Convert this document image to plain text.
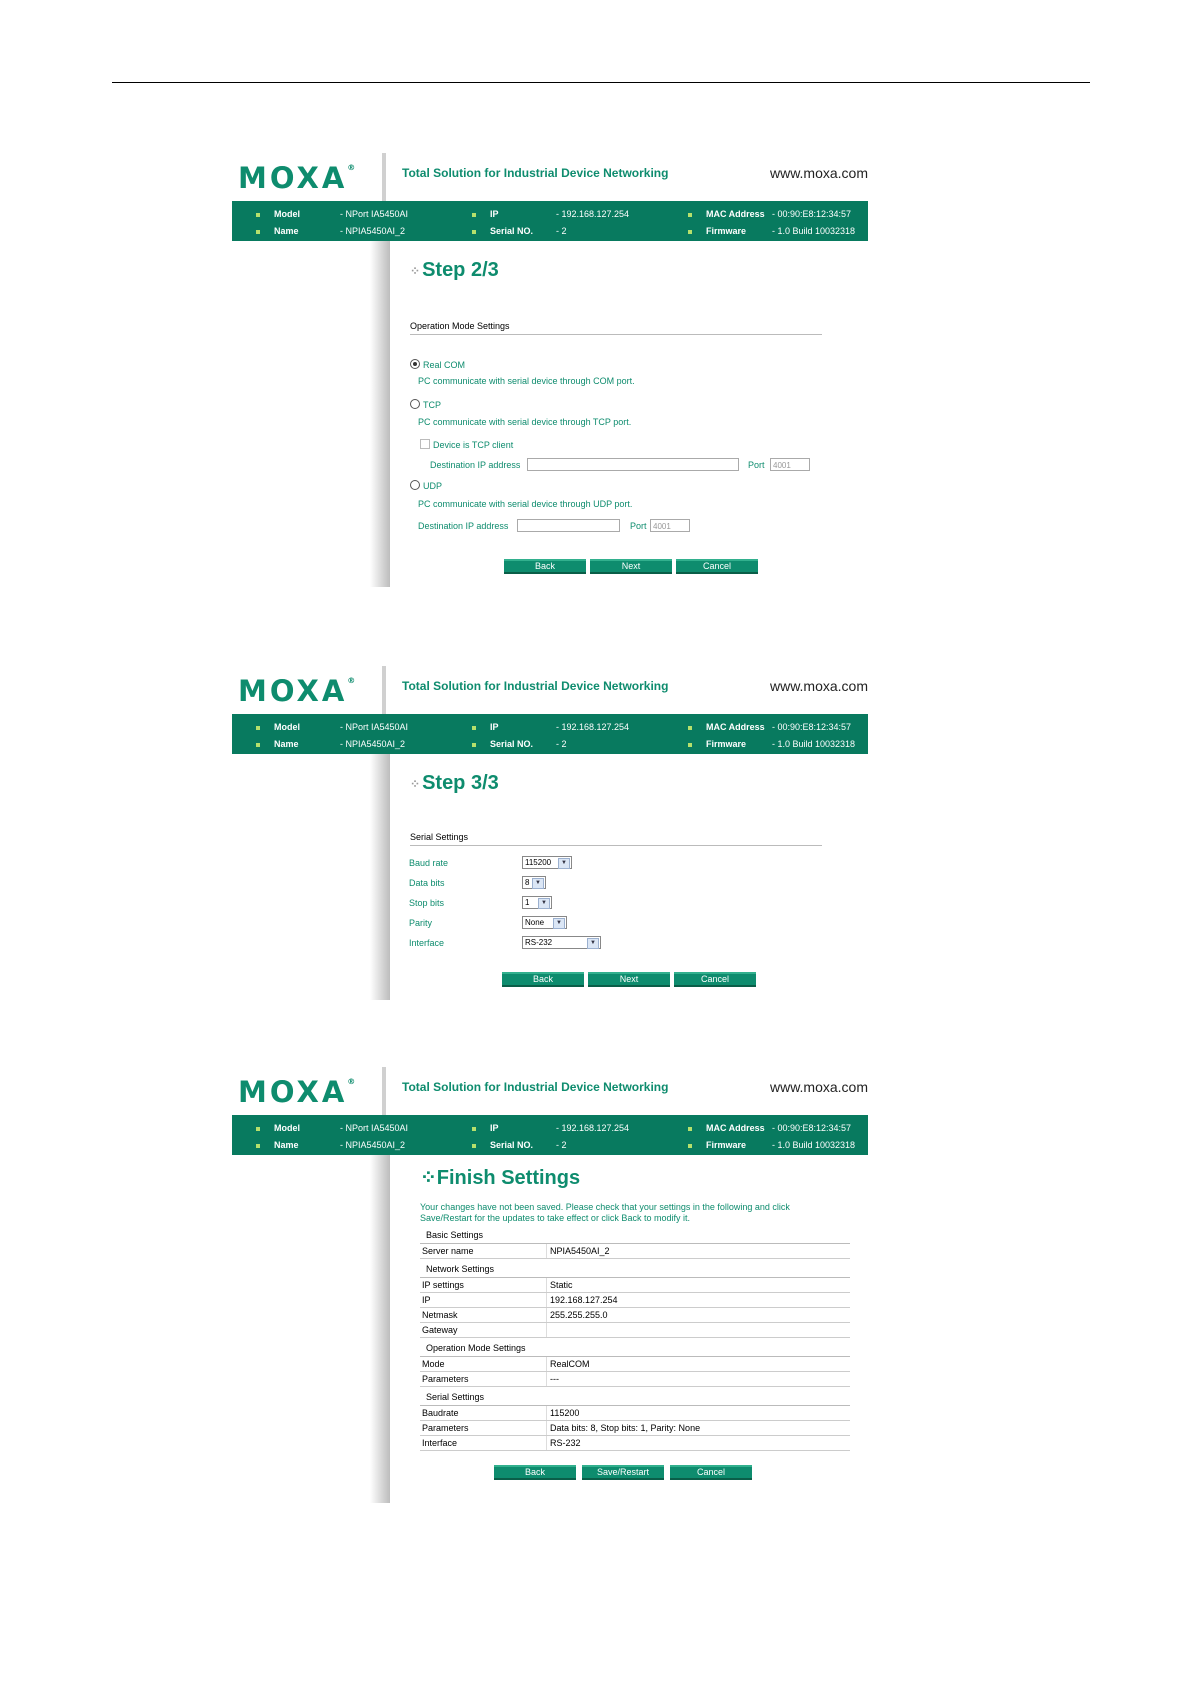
MOXA®	Total Solution for Industrial Device Networking	www.moxa.com
Model	- NPort IA5450AI
Name	- NPIA5450AI_2
IP	- 192.168.127.254
Serial NO.	- 2
MAC Address - 00:90:E8:12:34:57
Firmware	- 1.0 Build 10032318
⁘ Step 2/3
Operation Mode Settings
Real COM
PC communicate with serial device through COM port.
TCP
PC communicate with serial device through TCP port.
Device is TCP client
Destination IP address	Port	4001
UDP
PC communicate with serial device through UDP port.
Destination IP address	Port 4001
Back	Next	Cancel
MOXA®	Total Solution for Industrial Device Networking	www.moxa.com
Model	- NPort IA5450AI
Name	- NPIA5450AI_2
IP	- 192.168.127.254
Serial NO.	- 2
MAC Address - 00:90:E8:12:34:57
Firmware	- 1.0 Build 10032318
⁘ Step 3/3
Serial Settings
Baud rate	115200	▼
Data bits	8 ▼
Stop bits	1	▼
Parity	None	▼
Interface	RS-232	▼
Back	Next	Cancel
MOXA®	Total Solution for Industrial Device Networking	www.moxa.com
Model	- NPort IA5450AI
Name	- NPIA5450AI_2
IP	- 192.168.127.254
Serial NO.	- 2
MAC Address - 00:90:E8:12:34:57
Firmware	- 1.0 Build 10032318
⁘Finish Settings
Your changes have not been saved. Please check that your settings in the following and click
Save/Restart for the updates to take effect or click Back to modify it.
Basic Settings
Server name	NPIA5450AI_2
Network Settings
IP settings	Static
IP	192.168.127.254
Netmask	255.255.255.0
Gateway
Operation Mode Settings
Mode	RealCOM
Parameters	---
Serial Settings
Baudrate	115200
Parameters	Data bits: 8, Stop bits: 1, Parity: None
Interface	RS-232
Back	Save/Restart	Cancel
